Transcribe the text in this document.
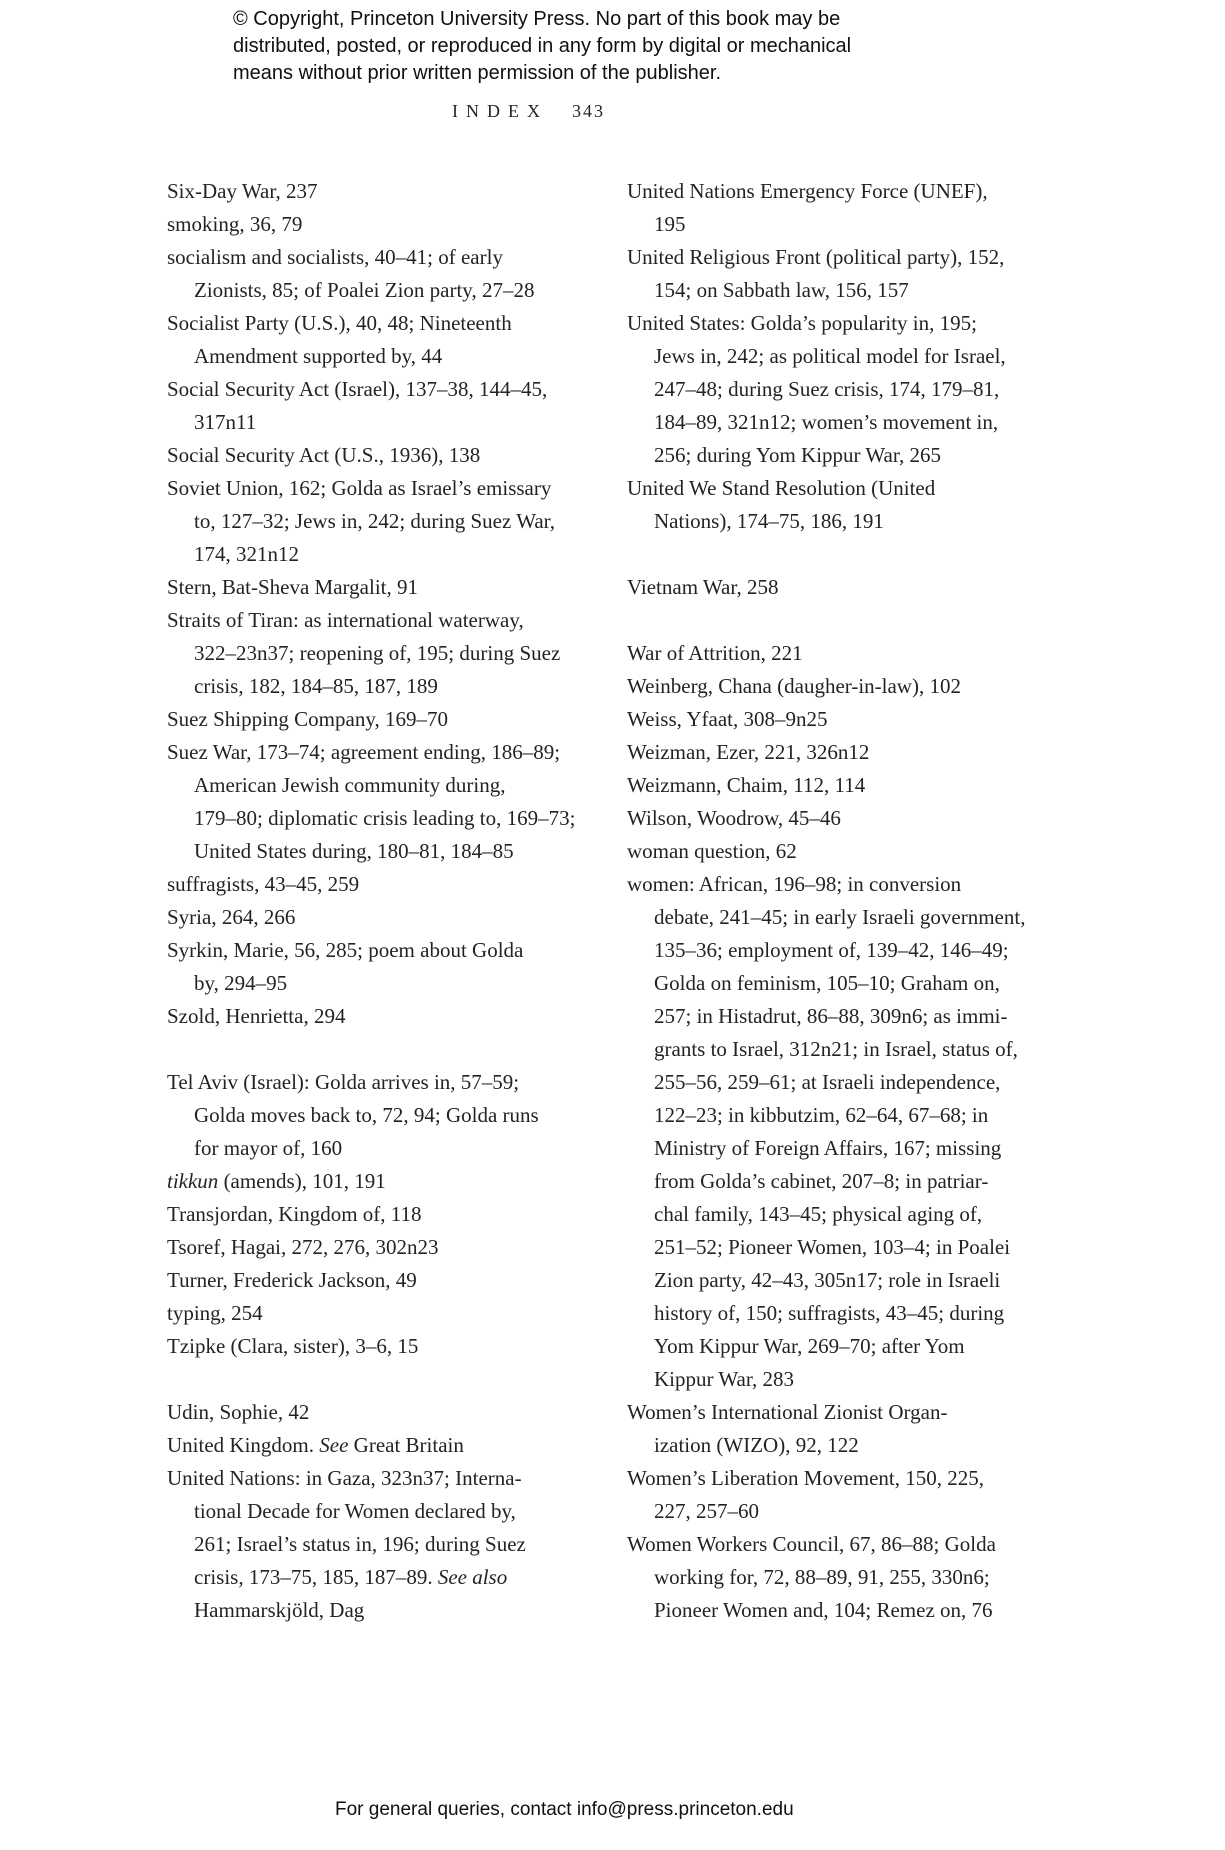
© Copyright, Princeton University Press. No part of this book may be
distributed, posted, or reproduced in any form by digital or mechanical
means without prior written permission of the publisher.
INDEX 343
Six-Day War, 237
smoking, 36, 79
socialism and socialists, 40–41; of early
Zionists, 85; of Poalei Zion party, 27–28
Socialist Party (U.S.), 40, 48; Nineteenth
Amendment supported by, 44
Social Security Act (Israel), 137–38, 144–45,
317n11
Social Security Act (U.S., 1936), 138
Soviet Union, 162; Golda as Israel’s emissary
to, 127–32; Jews in, 242; during Suez War,
174, 321n12
Stern, Bat-Sheva Margalit, 91
Straits of Tiran: as international waterway,
322–23n37; reopening of, 195; during Suez
crisis, 182, 184–85, 187, 189
Suez Shipping Company, 169–70
Suez War, 173–74; agreement ending, 186–89;
American Jewish community during,
179–80; diplomatic crisis leading to, 169–73;
United States during, 180–81, 184–85
suffragists, 43–45, 259
Syria, 264, 266
Syrkin, Marie, 56, 285; poem about Golda
by, 294–95
Szold, Henrietta, 294
Tel Aviv (Israel): Golda arrives in, 57–59;
Golda moves back to, 72, 94; Golda runs
for mayor of, 160
tikkun (amends), 101, 191
Transjordan, Kingdom of, 118
Tsoref, Hagai, 272, 276, 302n23
Turner, Frederick Jackson, 49
typing, 254
Tzipke (Clara, sister), 3–6, 15
Udin, Sophie, 42
United Kingdom. See Great Britain
United Nations: in Gaza, 323n37; Interna-
tional Decade for Women declared by,
261; Israel’s status in, 196; during Suez
crisis, 173–75, 185, 187–89. See also
Hammarskjöld, Dag
United Nations Emergency Force (UNEF),
195
United Religious Front (political party), 152,
154; on Sabbath law, 156, 157
United States: Golda’s popularity in, 195;
Jews in, 242; as political model for Israel,
247–48; during Suez crisis, 174, 179–81,
184–89, 321n12; women’s movement in,
256; during Yom Kippur War, 265
United We Stand Resolution (United
Nations), 174–75, 186, 191
Vietnam War, 258
War of Attrition, 221
Weinberg, Chana (daugher-in-law), 102
Weiss, Yfaat, 308–9n25
Weizman, Ezer, 221, 326n12
Weizmann, Chaim, 112, 114
Wilson, Woodrow, 45–46
woman question, 62
women: African, 196–98; in conversion
debate, 241–45; in early Israeli government,
135–36; employment of, 139–42, 146–49;
Golda on feminism, 105–10; Graham on,
257; in Histadrut, 86–88, 309n6; as immi-
grants to Israel, 312n21; in Israel, status of,
255–56, 259–61; at Israeli independence,
122–23; in kibbutzim, 62–64, 67–68; in
Ministry of Foreign Affairs, 167; missing
from Golda’s cabinet, 207–8; in patriar-
chal family, 143–45; physical aging of,
251–52; Pioneer Women, 103–4; in Poalei
Zion party, 42–43, 305n17; role in Israeli
history of, 150; suffragists, 43–45; during
Yom Kippur War, 269–70; after Yom
Kippur War, 283
Women’s International Zionist Organ-
ization (WIZO), 92, 122
Women’s Liberation Movement, 150, 225,
227, 257–60
Women Workers Council, 67, 86–88; Golda
working for, 72, 88–89, 91, 255, 330n6;
Pioneer Women and, 104; Remez on, 76
For general queries, contact info@press.princeton.edu
